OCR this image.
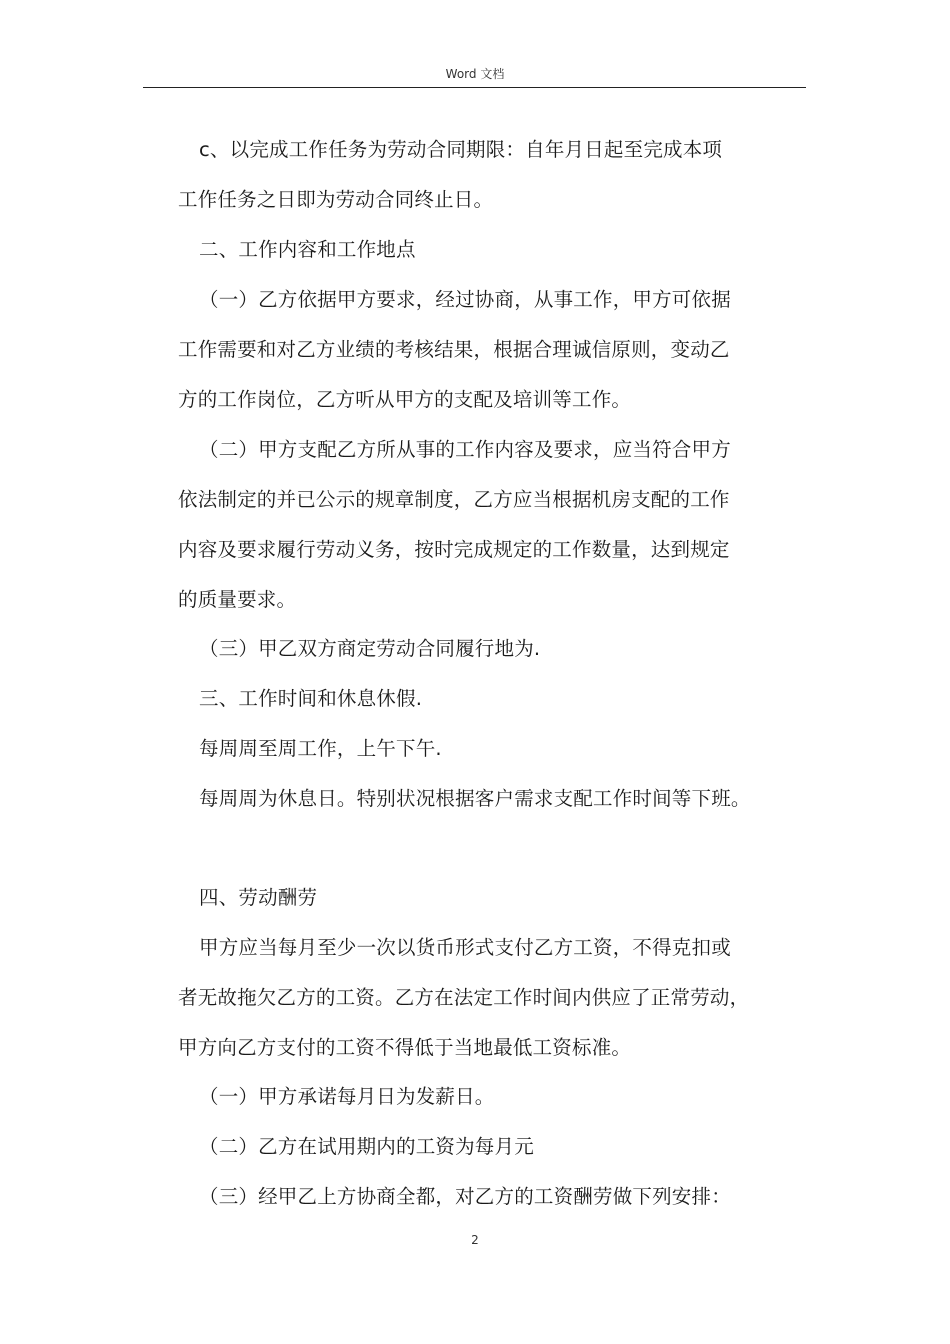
Word 文档
c、以完成工作任务为劳动合同期限：自年月日起至完成本项
工作任务之日即为劳动合同终止日。
二、工作内容和工作地点
（一）乙方依据甲方要求，经过协商，从事工作，甲方可依据
工作需要和对乙方业绩的考核结果，根据合理诚信原则，变动乙
方的工作岗位，乙方听从甲方的支配及培训等工作。
（二）甲方支配乙方所从事的工作内容及要求，应当符合甲方
依法制定的并已公示的规章制度，乙方应当根据机房支配的工作
内容及要求履行劳动义务，按时完成规定的工作数量，达到规定
的质量要求。
（三）甲乙双方商定劳动合同履行地为.
三、工作时间和休息休假.
每周周至周工作，上午下午.
每周周为休息日。特别状况根据客户需求支配工作时间等下班。
四、劳动酬劳
甲方应当每月至少一次以货币形式支付乙方工资，不得克扣或
者无故拖欠乙方的工资。乙方在法定工作时间内供应了正常劳动，
甲方向乙方支付的工资不得低于当地最低工资标准。
（一）甲方承诺每月日为发薪日。
（二）乙方在试用期内的工资为每月元
（三）经甲乙上方协商全都，对乙方的工资酬劳做下列安排：
2
